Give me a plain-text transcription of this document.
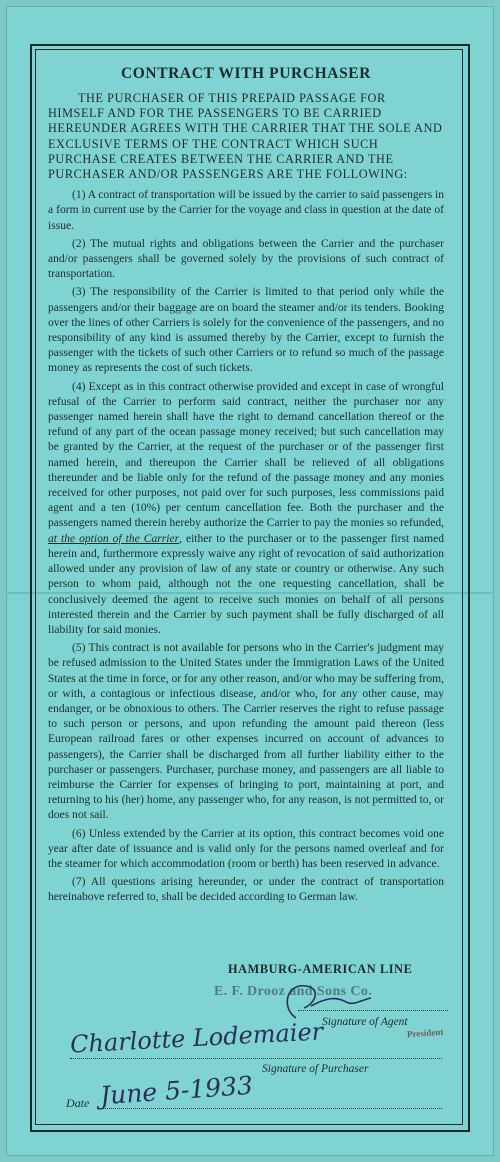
CONTRACT WITH PURCHASER

THE PURCHASER OF THIS PREPAID PASSAGE FOR HIMSELF AND FOR THE PASSENGERS TO BE CARRIED HEREUNDER AGREES WITH THE CARRIER THAT THE SOLE AND EXCLUSIVE TERMS OF THE CONTRACT WHICH SUCH PURCHASE CREATES BETWEEN THE CARRIER AND THE PURCHASER AND/OR PASSENGERS ARE THE FOLLOWING:

(1) A contract of transportation will be issued by the carrier to said passengers in a form in current use by the Carrier for the voyage and class in question at the date of issue.

(2) The mutual rights and obligations between the Carrier and the purchaser and/or passengers shall be governed solely by the provisions of such contract of transportation.

(3) The responsibility of the Carrier is limited to that period only while the passengers and/or their baggage are on board the steamer and/or its tenders. Booking over the lines of other Carriers is solely for the convenience of the passengers, and no responsibility of any kind is assumed thereby by the Carrier, except to furnish the passenger with the tickets of such other Carriers or to refund so much of the passage money as represents the cost of such tickets.

(4) Except as in this contract otherwise provided and except in case of wrongful refusal of the Carrier to perform said contract, neither the purchaser nor any passenger named herein shall have the right to demand cancellation thereof or the refund of any part of the ocean passage money received; but such cancellation may be granted by the Carrier, at the request of the purchaser or of the passenger first named herein, and thereupon the Carrier shall be relieved of all obligations thereunder and be liable only for the refund of the passage money and any monies received for other purposes, not paid over for such purposes, less commissions paid agent and a ten (10%) per centum cancellation fee. Both the purchaser and the passengers named therein hereby authorize the Carrier to pay the monies so refunded, at the option of the Carrier, either to the purchaser or to the passenger first named herein and, furthermore expressly waive any right of revocation of said authorization allowed under any provision of law of any state or country or otherwise. Any such person to whom paid, although not the one requesting cancellation, shall be conclusively deemed the agent to receive such monies on behalf of all persons interested therein and the Carrier by such payment shall be fully discharged of all liability for said monies.

(5) This contract is not available for persons who in the Carrier's judgment may be refused admission to the United States under the Immigration Laws of the United States at the time in force, or for any other reason, and/or who may be suffering from, or with, a contagious or infectious disease, and/or who, for any other cause, may endanger, or be obnoxious to others. The Carrier reserves the right to refuse passage to such person or persons, and upon refunding the amount paid thereon (less European railroad fares or other expenses incurred on account of advances to passengers), the Carrier shall be discharged from all further liability either to the purchaser or passengers. Purchaser, purchase money, and passengers are all liable to reimburse the Carrier for expenses of bringing to port, maintaining at port, and returning to his (her) home, any passenger who, for any reason, is not permitted to, or does not sail.

(6) Unless extended by the Carrier at its option, this contract becomes void one year after date of issuance and is valid only for the persons named overleaf and for the steamer for which accommodation (room or berth) has been reserved in advance.

(7) All questions arising hereunder, or under the contract of transportation hereinabove referred to, shall be decided according to German law.

HAMBURG-AMERICAN LINE
E. F. Drooz and Sons Co.
Signature of Agent
President
Charlotte Lodemaier
Signature of Purchaser
Date June 5-1933
